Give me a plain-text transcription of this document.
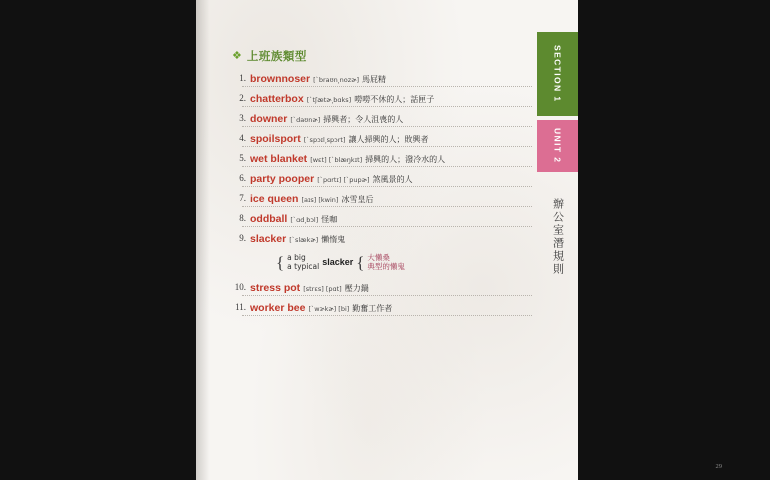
SECTION 1
UNIT 2
辦公室潛規則
❖ 上班族類型
1. brownnoser [ˋbraʊn͵nozɚ] 馬屁精
2. chatterbox [ˋtʃætɚ͵bɑks] 嘮嘮不休的人；話匣子
3. downer [ˋdaʊnɚ] 掃興者；令人沮喪的人
4. spoilsport [ˋspɔɪl͵spɔrt] 讓人掃興的人；敗興者
5. wet blanket [wɛt] [ˋblæŋkɪt] 掃興的人；潑冷水的人
6. party pooper [ˋpɑrtɪ] [ˋpupɚ] 煞風景的人
7. ice queen [aɪs] [kwin] 冰雪皇后
8. oddball [ˋɑd͵bɔl] 怪咖
9. slacker [ˋslækɚ] 懶惰鬼
{ a big
a typical slacker { 大懶桑
典型的懶鬼
10. stress pot [strɛs] [pɑt] 壓力鍋
11. worker bee [ˋwɝkɚ] [bi] 勤奮工作者
29
